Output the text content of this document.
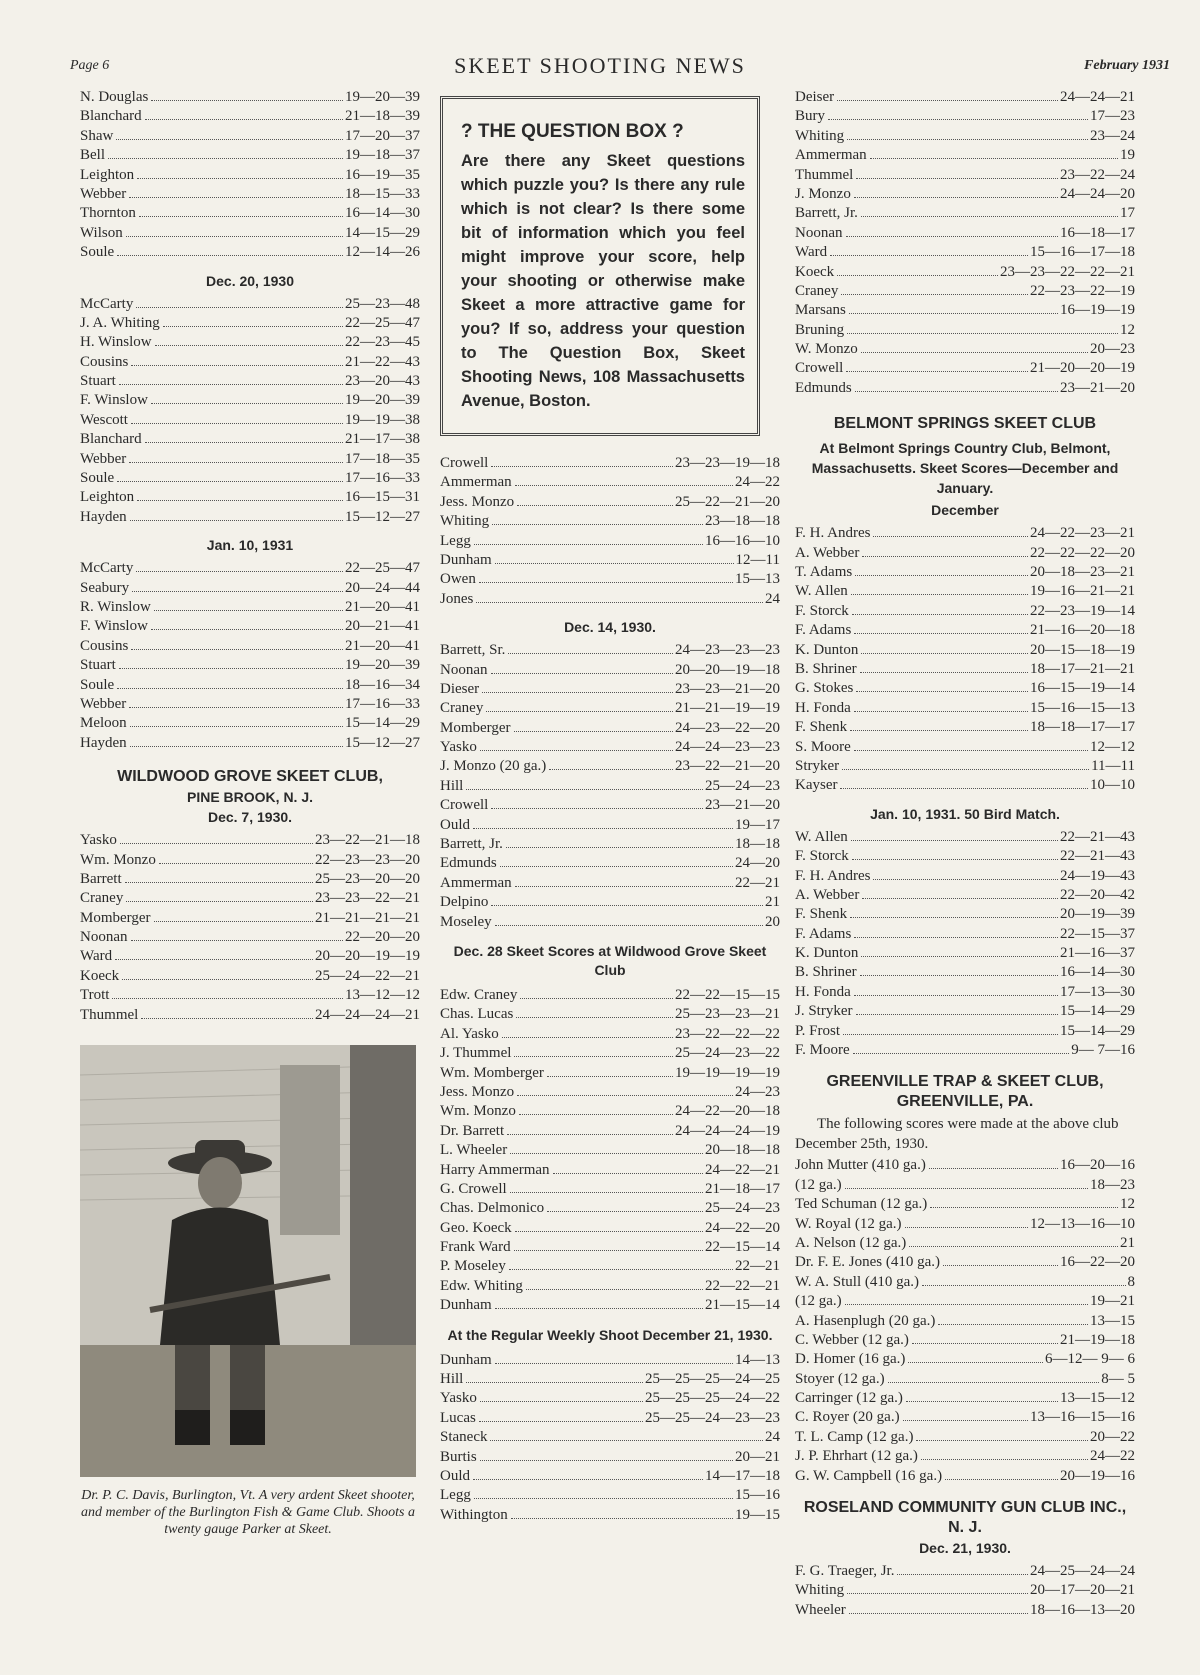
Page 6	SKEET SHOOTING NEWS	February 1931
N. Douglas	19—20—39
Blanchard	21—18—39
Shaw	17—20—37
Bell	19—18—37
Leighton	16—19—35
Webber	18—15—33
Thornton	16—14—30
Wilson	14—15—29
Soule	12—14—26
Dec. 20, 1930
McCarty	25—23—48
J. A. Whiting	22—25—47
H. Winslow	22—23—45
Cousins	21—22—43
Stuart	23—20—43
F. Winslow	19—20—39
Wescott	19—19—38
Blanchard	21—17—38
Webber	17—18—35
Soule	17—16—33
Leighton	16—15—31
Hayden	15—12—27
Jan. 10, 1931
McCarty	22—25—47
Seabury	20—24—44
R. Winslow	21—20—41
F. Winslow	20—21—41
Cousins	21—20—41
Stuart	19—20—39
Soule	18—16—34
Webber	17—16—33
Meloon	15—14—29
Hayden	15—12—27
WILDWOOD GROVE SKEET CLUB,
PINE BROOK, N. J.
Dec. 7, 1930.
Yasko	23—22—21—18
Wm. Monzo	22—23—23—20
Barrett	25—23—20—20
Craney	23—23—22—21
Momberger	21—21—21—21
Noonan	22—20—20
Ward	20—20—19—19
Koeck	25—24—22—21
Trott	13—12—12
Thummel	24—24—24—21
Dr. P. C. Davis, Burlington, Vt. A very ardent Skeet shooter, and member of the Burlington Fish & Game Club. Shoots a twenty gauge Parker at Skeet.
? THE QUESTION BOX ?
Are there any Skeet questions which puzzle you? Is there any rule which is not clear? Is there some bit of information which you feel might improve your score, help your shooting or otherwise make Skeet a more attractive game for you? If so, address your question to The Question Box, Skeet Shooting News, 108 Massachusetts Avenue, Boston.
Crowell	23—23—19—18
Ammerman	24—22
Jess. Monzo	25—22—21—20
Whiting	23—18—18
Legg	16—16—10
Dunham	12—11
Owen	15—13
Jones	24
Dec. 14, 1930.
Barrett, Sr.	24—23—23—23
Noonan	20—20—19—18
Dieser	23—23—21—20
Craney	21—21—19—19
Momberger	24—23—22—20
Yasko	24—24—23—23
J. Monzo (20 ga.)	23—22—21—20
Hill	25—24—23
Crowell	23—21—20
Ould	19—17
Barrett, Jr.	18—18
Edmunds	24—20
Ammerman	22—21
Delpino	21
Moseley	20
Dec. 28 Skeet Scores at Wildwood Grove Skeet Club
Edw. Craney	22—22—15—15
Chas. Lucas	25—23—23—21
Al. Yasko	23—22—22—22
J. Thummel	25—24—23—22
Wm. Momberger	19—19—19—19
Jess. Monzo	24—23
Wm. Monzo	24—22—20—18
Dr. Barrett	24—24—24—19
L. Wheeler	20—18—18
Harry Ammerman	24—22—21
G. Crowell	21—18—17
Chas. Delmonico	25—24—23
Geo. Koeck	24—22—20
Frank Ward	22—15—14
P. Moseley	22—21
Edw. Whiting	22—22—21
Dunham	21—15—14
At the Regular Weekly Shoot December 21, 1930.
Dunham	14—13
Hill	25—25—25—24—25
Yasko	25—25—25—24—22
Lucas	25—25—24—23—23
Staneck	24
Burtis	20—21
Ould	14—17—18
Legg	15—16
Withington	19—15
Deiser	24—24—21
Bury	17—23
Whiting	23—24
Ammerman	19
Thummel	23—22—24
J. Monzo	24—24—20
Barrett, Jr.	17
Noonan	16—18—17
Ward	15—16—17—18
Koeck	23—23—22—22—21
Craney	22—23—22—19
Marsans	16—19—19
Bruning	12
W. Monzo	20—23
Crowell	21—20—20—19
Edmunds	23—21—20
BELMONT SPRINGS SKEET CLUB
At Belmont Springs Country Club, Belmont, Massachusetts. Skeet Scores—December and January.
December
F. H. Andres	24—22—23—21
A. Webber	22—22—22—20
T. Adams	20—18—23—21
W. Allen	19—16—21—21
F. Storck	22—23—19—14
F. Adams	21—16—20—18
K. Dunton	20—15—18—19
B. Shriner	18—17—21—21
G. Stokes	16—15—19—14
H. Fonda	15—16—15—13
F. Shenk	18—18—17—17
S. Moore	12—12
Stryker	11—11
Kayser	10—10
Jan. 10, 1931. 50 Bird Match.
W. Allen	22—21—43
F. Storck	22—21—43
F. H. Andres	24—19—43
A. Webber	22—20—42
F. Shenk	20—19—39
F. Adams	22—15—37
K. Dunton	21—16—37
B. Shriner	16—14—30
H. Fonda	17—13—30
J. Stryker	15—14—29
P. Frost	15—14—29
F. Moore	9— 7—16
GREENVILLE TRAP & SKEET CLUB, GREENVILLE, PA.
The following scores were made at the above club December 25th, 1930.
John Mutter (410 ga.)	16—20—16
(12 ga.)	18—23
Ted Schuman (12 ga.)	12
W. Royal (12 ga.)	12—13—16—10
A. Nelson (12 ga.)	21
Dr. F. E. Jones (410 ga.)	16—22—20
W. A. Stull (410 ga.)	8
(12 ga.)	19—21
A. Hasenplugh (20 ga.)	13—15
C. Webber (12 ga.)	21—19—18
D. Homer (16 ga.)	6—12— 9— 6
Stoyer (12 ga.)	8— 5
Carringer (12 ga.)	13—15—12
C. Royer (20 ga.)	13—16—15—16
T. L. Camp (12 ga.)	20—22
J. P. Ehrhart (12 ga.)	24—22
G. W. Campbell (16 ga.)	20—19—16
ROSELAND COMMUNITY GUN CLUB INC., N. J.
Dec. 21, 1930.
F. G. Traeger, Jr.	24—25—24—24
Whiting	20—17—20—21
Wheeler	18—16—13—20
